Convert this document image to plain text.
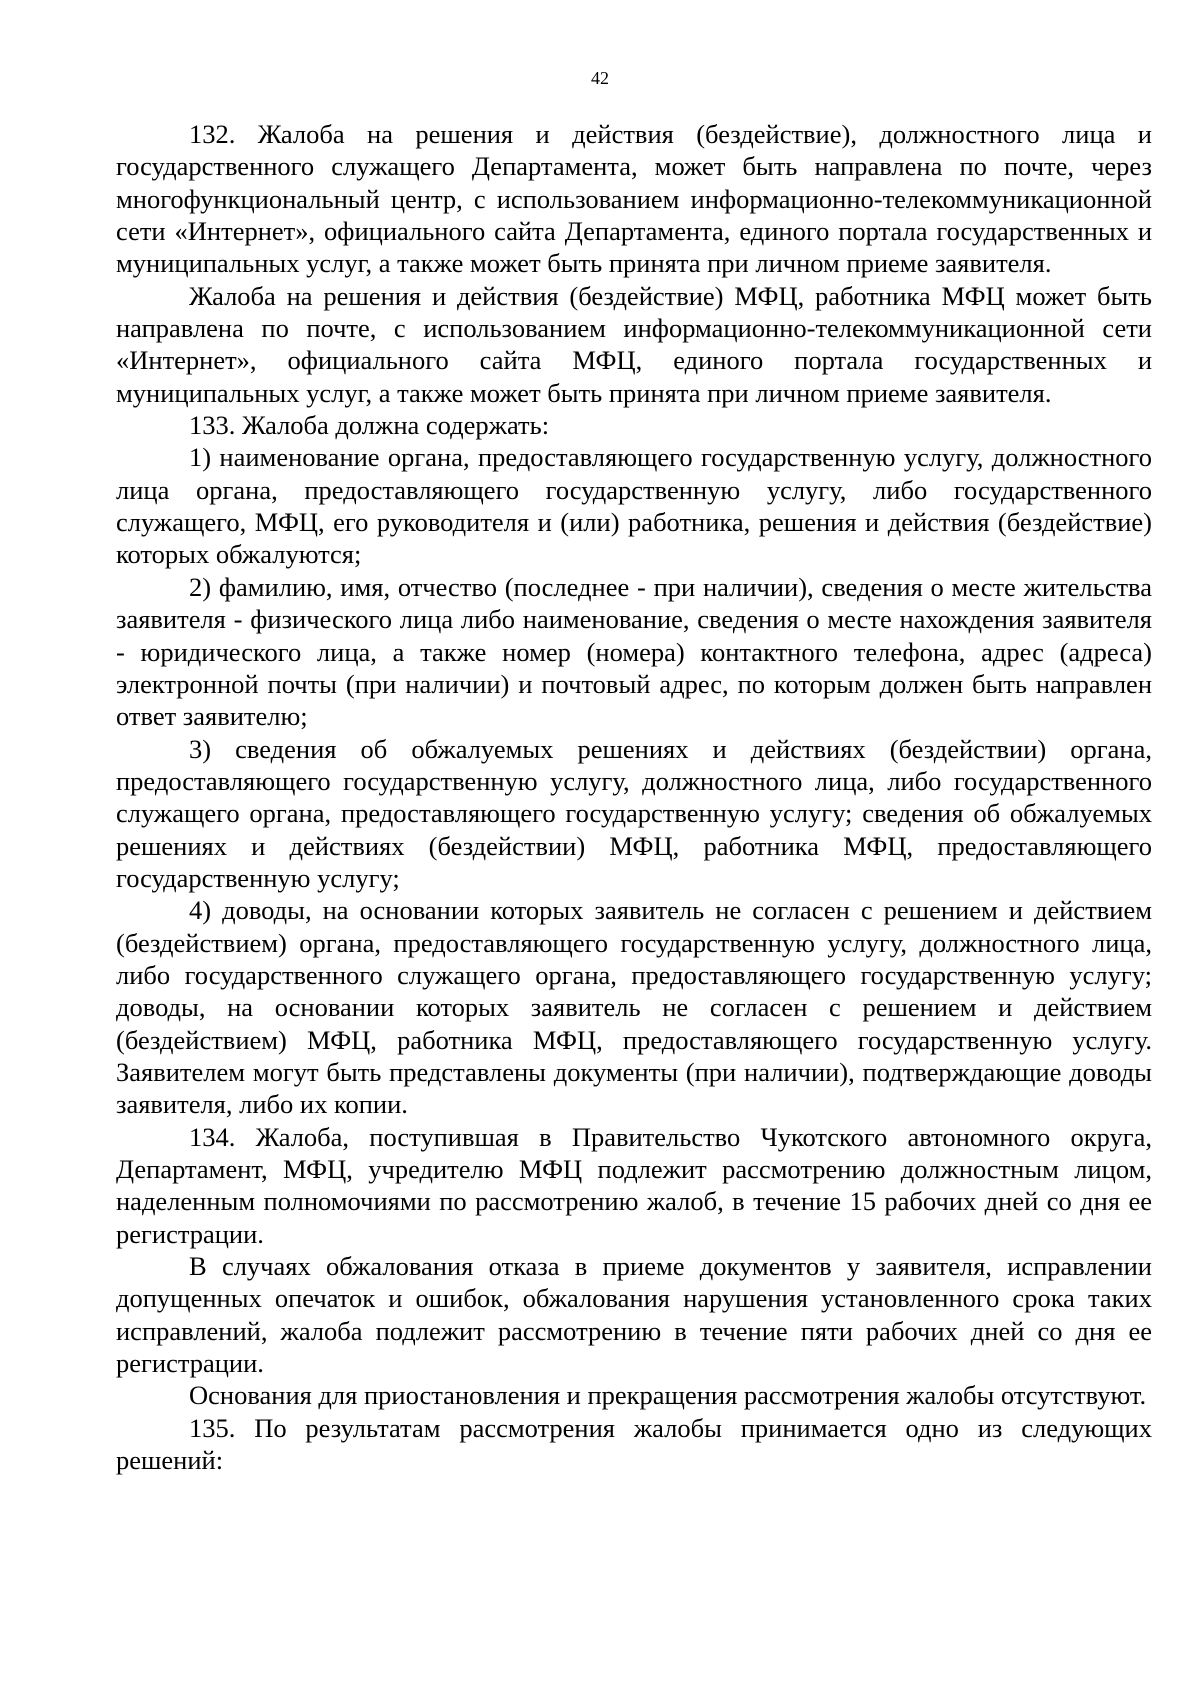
42

132. Жалоба на решения и действия (бездействие), должностного лица и государственного служащего Департамента, может быть направлена по почте, через многофункциональный центр, с использованием информационно-телекоммуникационной сети «Интернет», официального сайта Департамента, единого портала государственных и муниципальных услуг, а также может быть принята при личном приеме заявителя.

Жалоба на решения и действия (бездействие) МФЦ, работника МФЦ может быть направлена по почте, с использованием информационно-телекоммуникационной сети «Интернет», официального сайта МФЦ, единого портала государственных и муниципальных услуг, а также может быть принята при личном приеме заявителя.

133. Жалоба должна содержать:

1) наименование органа, предоставляющего государственную услугу, должностного лица органа, предоставляющего государственную услугу, либо государственного служащего, МФЦ, его руководителя и (или) работника, решения и действия (бездействие) которых обжалуются;

2) фамилию, имя, отчество (последнее - при наличии), сведения о месте жительства заявителя - физического лица либо наименование, сведения о месте нахождения заявителя - юридического лица, а также номер (номера) контактного телефона, адрес (адреса) электронной почты (при наличии) и почтовый адрес, по которым должен быть направлен ответ заявителю;

3) сведения об обжалуемых решениях и действиях (бездействии) органа, предоставляющего государственную услугу, должностного лица, либо государственного служащего органа, предоставляющего государственную услугу; сведения об обжалуемых решениях и действиях (бездействии) МФЦ, работника МФЦ, предоставляющего государственную услугу;

4) доводы, на основании которых заявитель не согласен с решением и действием (бездействием) органа, предоставляющего государственную услугу, должностного лица, либо государственного служащего органа, предоставляющего государственную услугу; доводы, на основании которых заявитель не согласен с решением и действием (бездействием) МФЦ, работника МФЦ, предоставляющего государственную услугу. Заявителем могут быть представлены документы (при наличии), подтверждающие доводы заявителя, либо их копии.

134. Жалоба, поступившая в Правительство Чукотского автономного округа, Департамент, МФЦ, учредителю МФЦ подлежит рассмотрению должностным лицом, наделенным полномочиями по рассмотрению жалоб, в течение 15 рабочих дней со дня ее регистрации.

В случаях обжалования отказа в приеме документов у заявителя, исправлении допущенных опечаток и ошибок, обжалования нарушения установленного срока таких исправлений, жалоба подлежит рассмотрению в течение пяти рабочих дней со дня ее регистрации.

Основания для приостановления и прекращения рассмотрения жалобы отсутствуют.

135. По результатам рассмотрения жалобы принимается одно из следующих решений:
